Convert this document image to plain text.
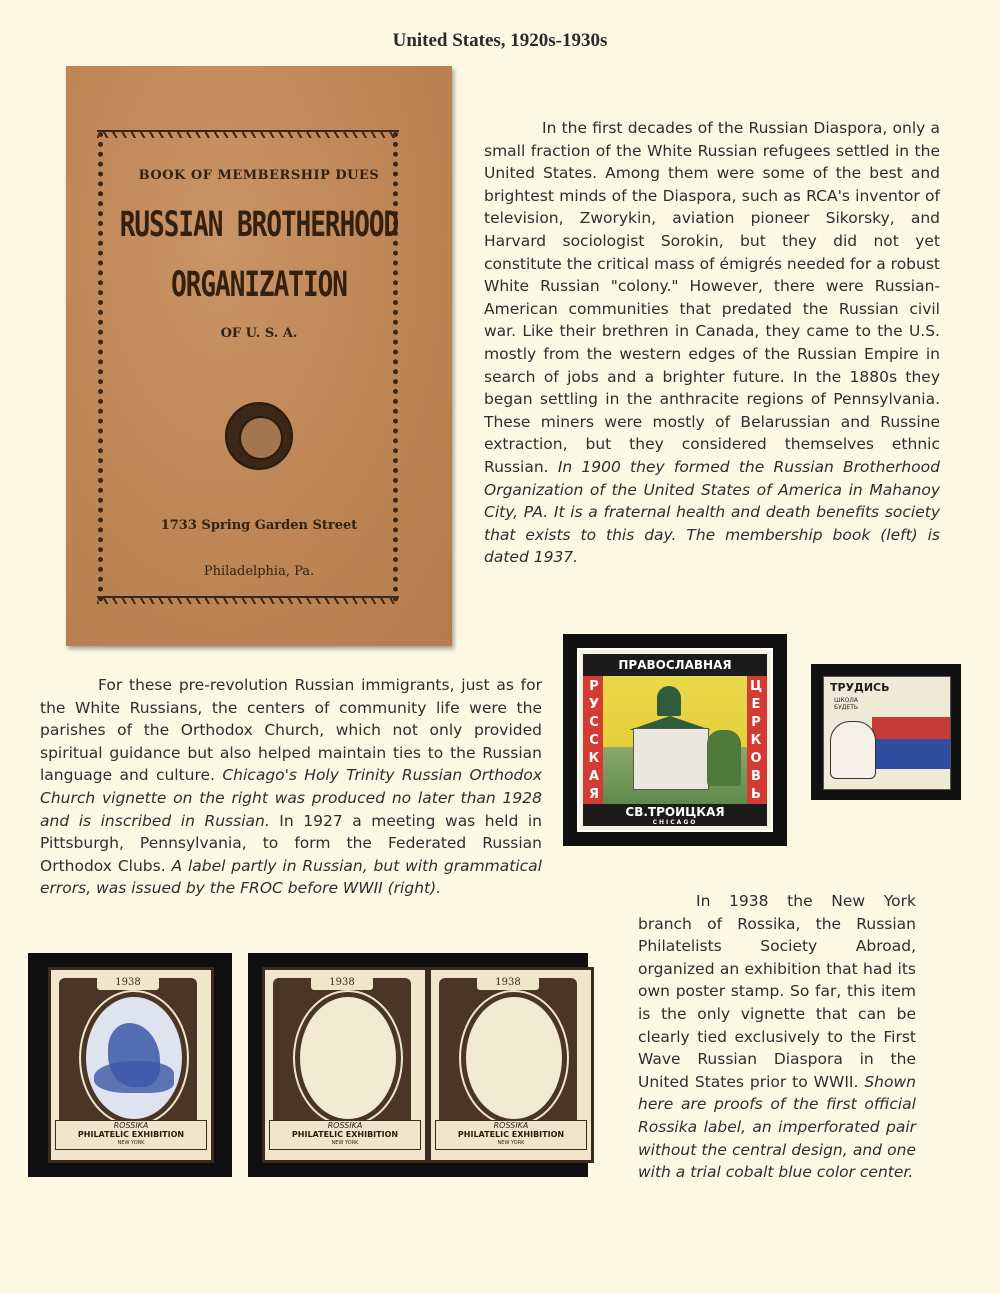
United States, 1920s-1930s
BOOK OF MEMBERSHIP DUES
RUSSIAN BROTHERHOOD
ORGANIZATION
OF U. S. A.
1733 Spring Garden Street
Philadelphia, Pa.
In the first decades of the Russian Diaspora, only a small fraction of the White Russian refugees settled in the United States. Among them were some of the best and brightest minds of the Diaspora, such as RCA's inventor of television, Zworykin, aviation pioneer Sikorsky, and Harvard sociologist Sorokin, but they did not yet constitute the critical mass of émigrés needed for a robust White Russian "colony." However, there were Russian-American communities that predated the Russian civil war. Like their brethren in Canada, they came to the U.S. mostly from the western edges of the Russian Empire in search of jobs and a brighter future. In the 1880s they began settling in the anthracite regions of Pennsylvania. These miners were mostly of Belarussian and Russine extraction, but they considered themselves ethnic Russian. In 1900 they formed the Russian Brotherhood Organization of the United States of America in Mahanoy City, PA. It is a fraternal health and death benefits society that exists to this day. The membership book (left) is dated 1937.
For these pre-revolution Russian immigrants, just as for the White Russians, the centers of community life were the parishes of the Orthodox Church, which not only provided spiritual guidance but also helped maintain ties to the Russian language and culture. Chicago's Holy Trinity Russian Orthodox Church vignette on the right was produced no later than 1928 and is inscribed in Russian. In 1927 a meeting was held in Pittsburgh, Pennsylvania, to form the Federated Russian Orthodox Clubs. A label partly in Russian, but with grammatical errors, was issued by the FROC before WWII (right).
In 1938 the New York branch of Rossika, the Russian Philatelists Society Abroad, organized an exhibition that had its own poster stamp. So far, this item is the only vignette that can be clearly tied exclusively to the First Wave Russian Diaspora in the United States prior to WWII. Shown here are proofs of the first official Rossika label, an imperforated pair without the central design, and one with a trial cobalt blue color center.
ПРАВОСЛАВНАЯ
Р
У
С
С
К
А
Я
Ц
Е
Р
К
О
В
Ь
СВ.ТРОИЦКАЯ
CHICAGO
ТРУДИСЬ
ШКОЛА
БУДЕТЬ
1938
ROSSIKA
PHILATELIC EXHIBITION
NEW YORK
1938
ROSSIKA
PHILATELIC EXHIBITION
NEW YORK
1938
ROSSIKA
PHILATELIC EXHIBITION
NEW YORK
